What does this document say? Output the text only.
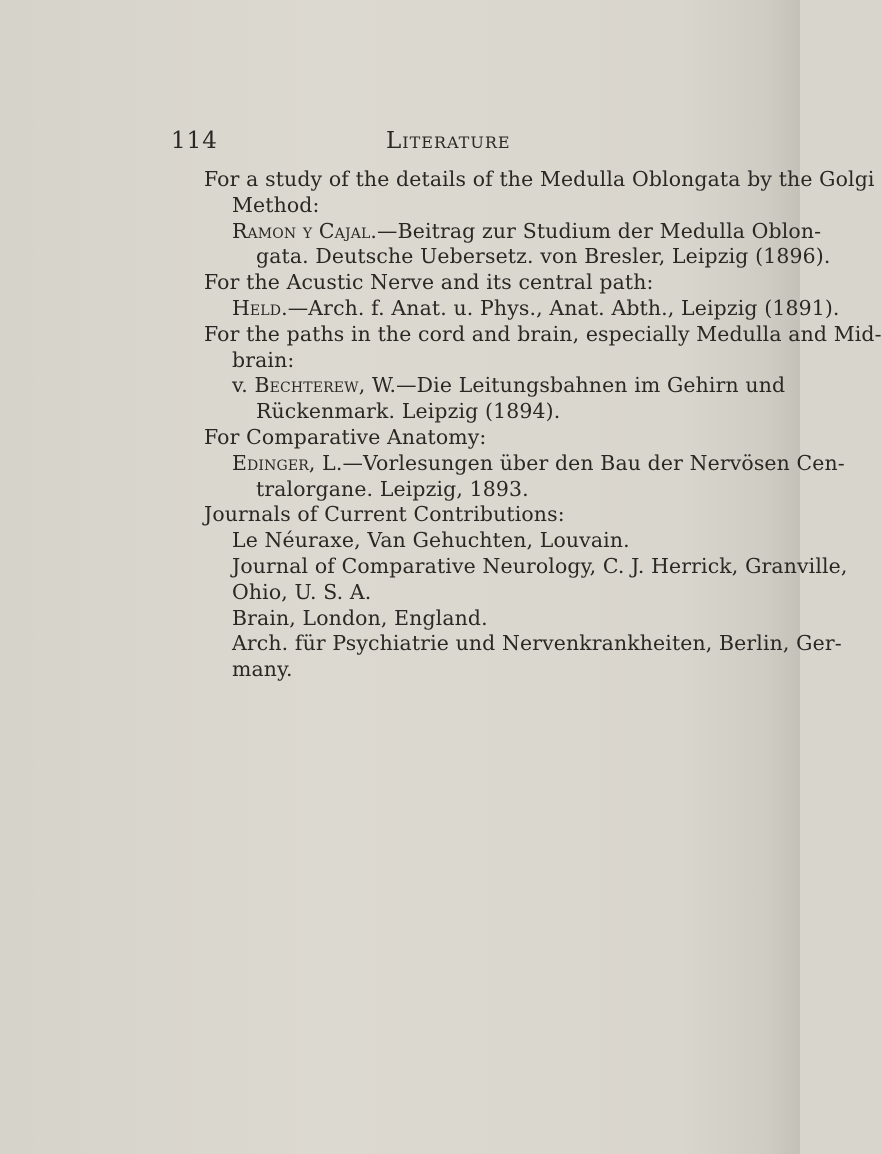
114	Literature
For a study of the details of the Medulla Oblongata by the Golgi
Method:
Ramon y Cajal.—Beitrag zur Studium der Medulla Oblon-
gata. Deutsche Uebersetz. von Bresler, Leipzig (1896).
For the Acustic Nerve and its central path:
Held.—Arch. f. Anat. u. Phys., Anat. Abth., Leipzig (1891).
For the paths in the cord and brain, especially Medulla and Mid-
brain:
v. Bechterew, W.—Die Leitungsbahnen im Gehirn und
Rückenmark. Leipzig (1894).
For Comparative Anatomy:
Edinger, L.—Vorlesungen über den Bau der Nervösen Cen-
tralorgane. Leipzig, 1893.
Journals of Current Contributions:
Le Néuraxe, Van Gehuchten, Louvain.
Journal of Comparative Neurology, C. J. Herrick, Granville,
Ohio, U. S. A.
Brain, London, England.
Arch. für Psychiatrie und Nervenkrankheiten, Berlin, Ger-
many.
